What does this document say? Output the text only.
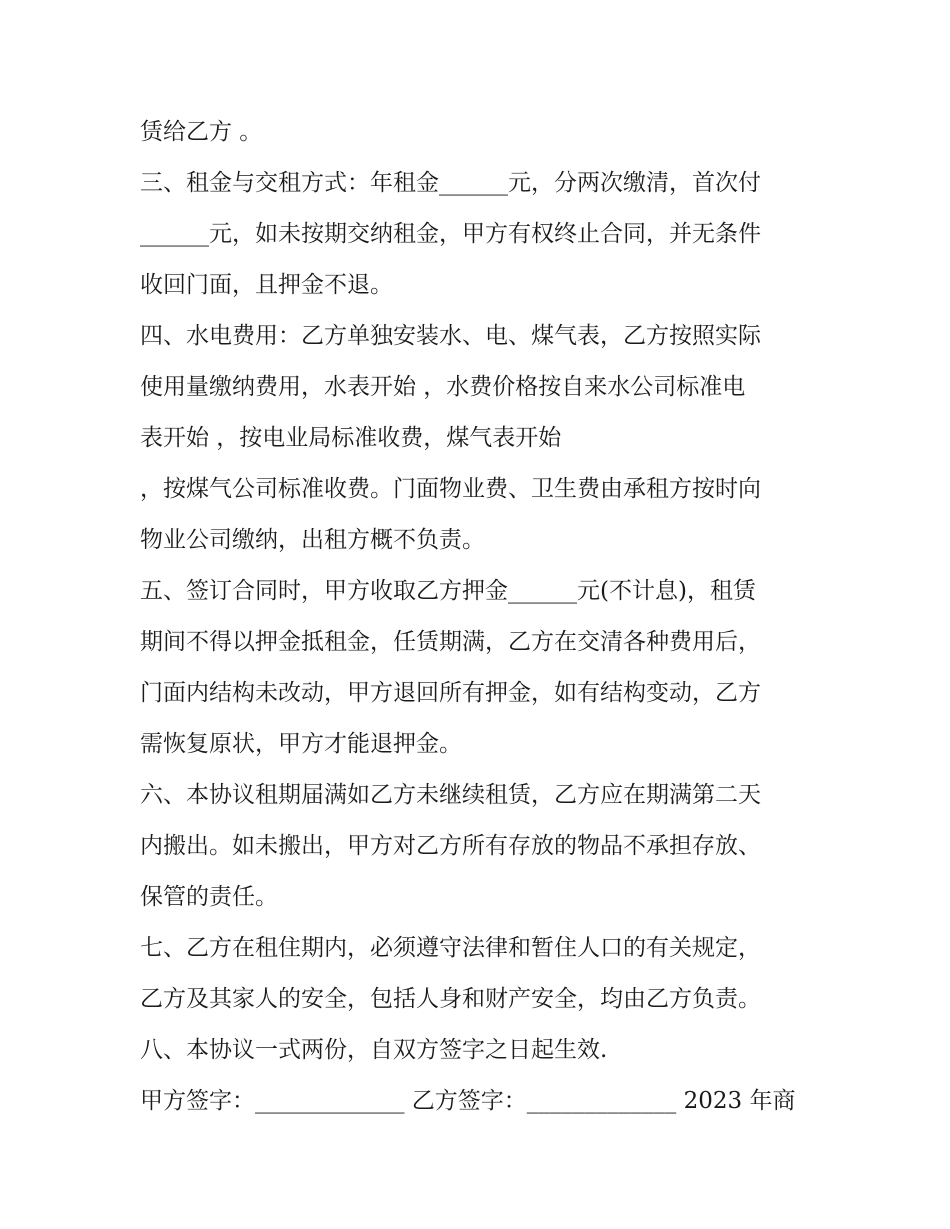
赁给乙方 。
三、租金与交租方式：年租金______元，分两次缴清，首次付
______元，如未按期交纳租金，甲方有权终止合同，并无条件
收回门面，且押金不退。
四、水电费用：乙方单独安装水、电、煤气表，乙方按照实际
使用量缴纳费用，水表开始 ，水费价格按自来水公司标准电
表开始 ，按电业局标准收费，煤气表开始
，按煤气公司标准收费。门面物业费、卫生费由承租方按时向
物业公司缴纳，出租方概不负责。
五、签订合同时，甲方收取乙方押金______元(不计息)，租赁
期间不得以押金抵租金，任赁期满，乙方在交清各种费用后，
门面内结构未改动，甲方退回所有押金，如有结构变动，乙方
需恢复原状，甲方才能退押金。
六、本协议租期届满如乙方未继续租赁，乙方应在期满第二天
内搬出。如未搬出，甲方对乙方所有存放的物品不承担存放、
保管的责任。
七、乙方在租住期内，必须遵守法律和暂住人口的有关规定，
乙方及其家人的安全，包括人身和财产安全，均由乙方负责。
八、本协议一式两份，自双方签字之日起生效.
甲方签字：_____________ 乙方签字：_____________ 2023 年商
